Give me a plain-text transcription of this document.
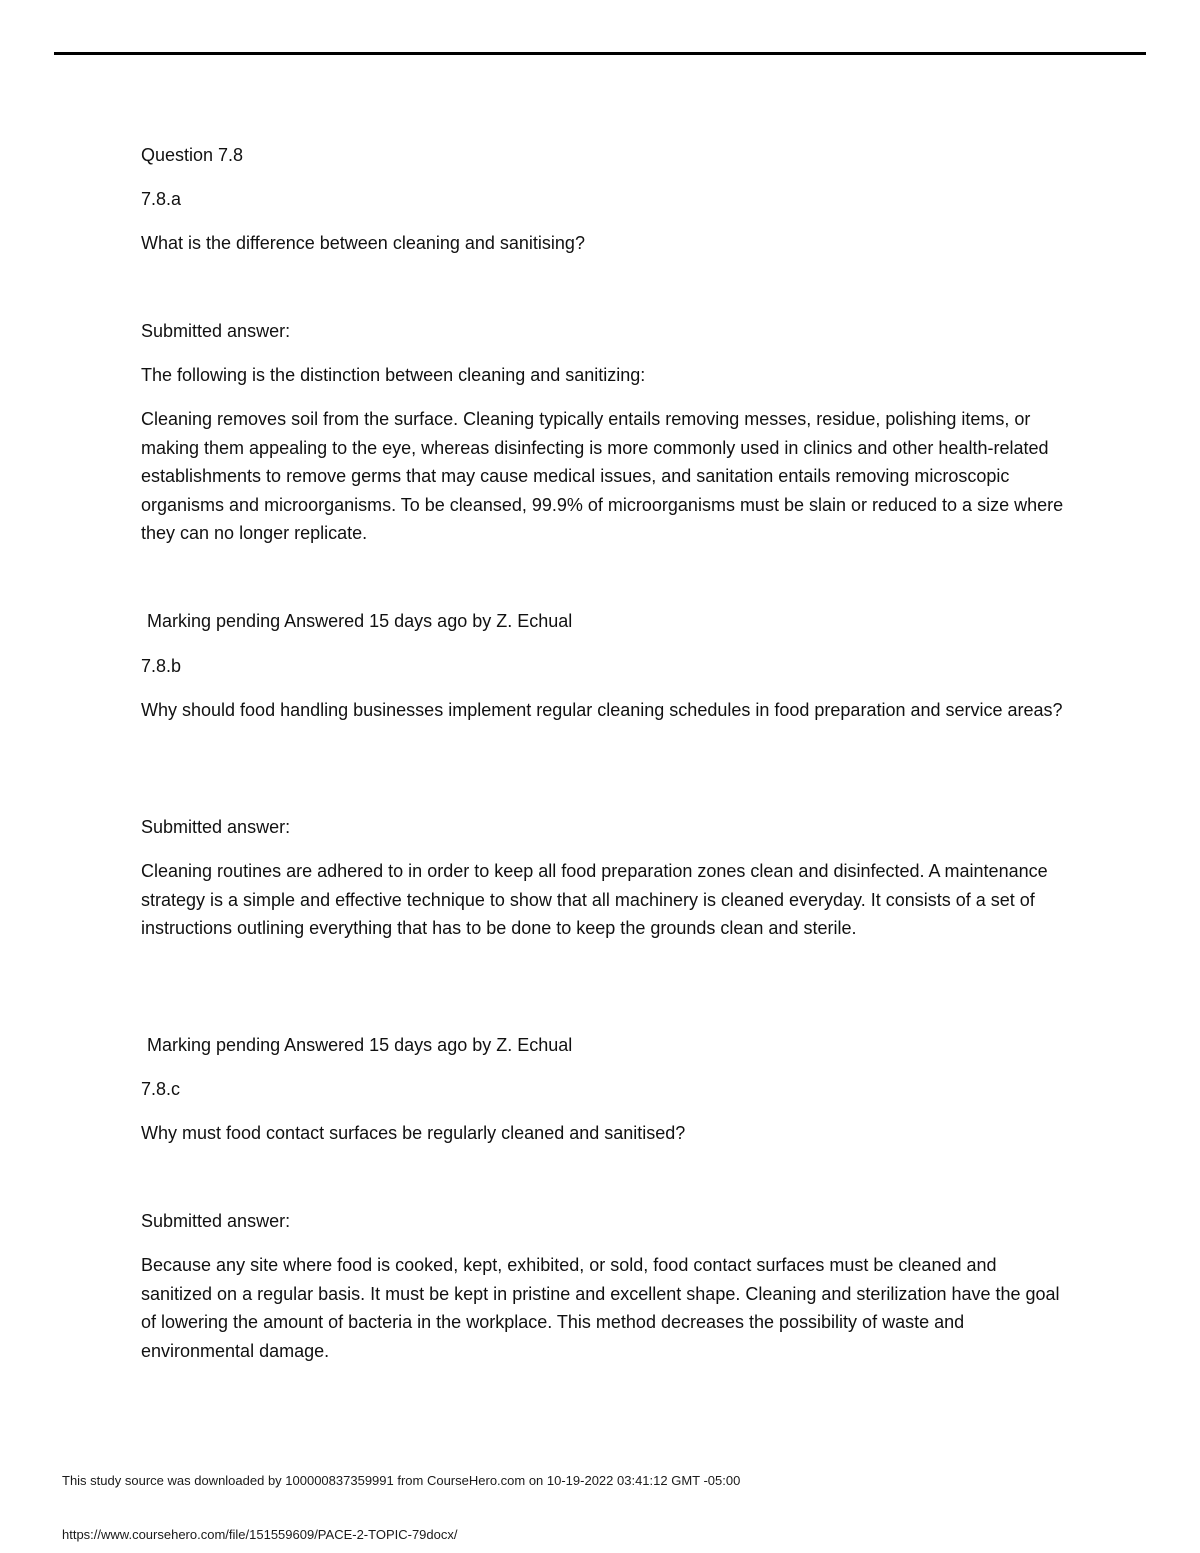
Question 7.8
7.8.a
What is the difference between cleaning and sanitising?
Submitted answer:
The following is the distinction between cleaning and sanitizing:
Cleaning removes soil from the surface. Cleaning typically entails removing messes, residue, polishing items, or making them appealing to the eye, whereas disinfecting is more commonly used in clinics and other health-related establishments to remove germs that may cause medical issues, and sanitation entails removing microscopic organisms and microorganisms. To be cleansed, 99.9% of microorganisms must be slain or reduced to a size where they can no longer replicate.
Marking pending Answered 15 days ago by Z. Echual
7.8.b
Why should food handling businesses implement regular cleaning schedules in food preparation and service areas?
Submitted answer:
Cleaning routines are adhered to in order to keep all food preparation zones clean and disinfected. A maintenance strategy is a simple and effective technique to show that all machinery is cleaned everyday. It consists of a set of instructions outlining everything that has to be done to keep the grounds clean and sterile.
Marking pending Answered 15 days ago by Z. Echual
7.8.c
Why must food contact surfaces be regularly cleaned and sanitised?
Submitted answer:
Because any site where food is cooked, kept, exhibited, or sold, food contact surfaces must be cleaned and sanitized on a regular basis. It must be kept in pristine and excellent shape. Cleaning and sterilization have the goal of lowering the amount of bacteria in the workplace. This method decreases the possibility of waste and environmental damage.
This study source was downloaded by 100000837359991 from CourseHero.com on 10-19-2022 03:41:12 GMT -05:00
https://www.coursehero.com/file/151559609/PACE-2-TOPIC-79docx/
